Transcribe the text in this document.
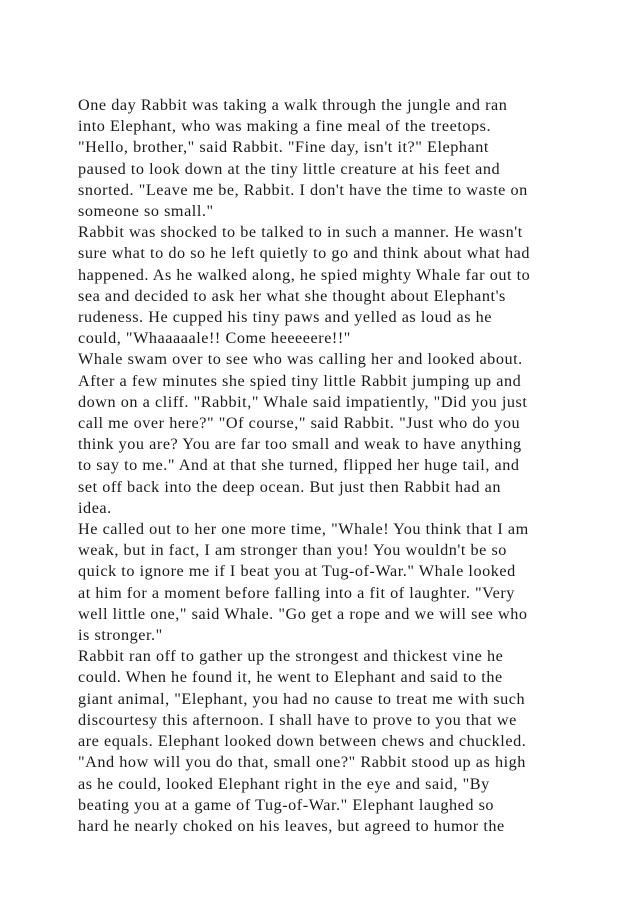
One day Rabbit was taking a walk through the jungle and ran
into Elephant, who was making a fine meal of the treetops.
"Hello, brother," said Rabbit. "Fine day, isn't it?" Elephant
paused to look down at the tiny little creature at his feet and
snorted. "Leave me be, Rabbit. I don't have the time to waste on
someone so small."
Rabbit was shocked to be talked to in such a manner. He wasn't
sure what to do so he left quietly to go and think about what had
happened. As he walked along, he spied mighty Whale far out to
sea and decided to ask her what she thought about Elephant's
rudeness. He cupped his tiny paws and yelled as loud as he
could, "Whaaaaale!! Come heeeeere!!"
Whale swam over to see who was calling her and looked about.
After a few minutes she spied tiny little Rabbit jumping up and
down on a cliff. "Rabbit," Whale said impatiently, "Did you just
call me over here?" "Of course," said Rabbit. "Just who do you
think you are? You are far too small and weak to have anything
to say to me." And at that she turned, flipped her huge tail, and
set off back into the deep ocean. But just then Rabbit had an
idea.
He called out to her one more time, "Whale! You think that I am
weak, but in fact, I am stronger than you! You wouldn't be so
quick to ignore me if I beat you at Tug-of-War." Whale looked
at him for a moment before falling into a fit of laughter. "Very
well little one," said Whale. "Go get a rope and we will see who
is stronger."
Rabbit ran off to gather up the strongest and thickest vine he
could. When he found it, he went to Elephant and said to the
giant animal, "Elephant, you had no cause to treat me with such
discourtesy this afternoon. I shall have to prove to you that we
are equals. Elephant looked down between chews and chuckled.
"And how will you do that, small one?" Rabbit stood up as high
as he could, looked Elephant right in the eye and said, "By
beating you at a game of Tug-of-War." Elephant laughed so
hard he nearly choked on his leaves, but agreed to humor the
